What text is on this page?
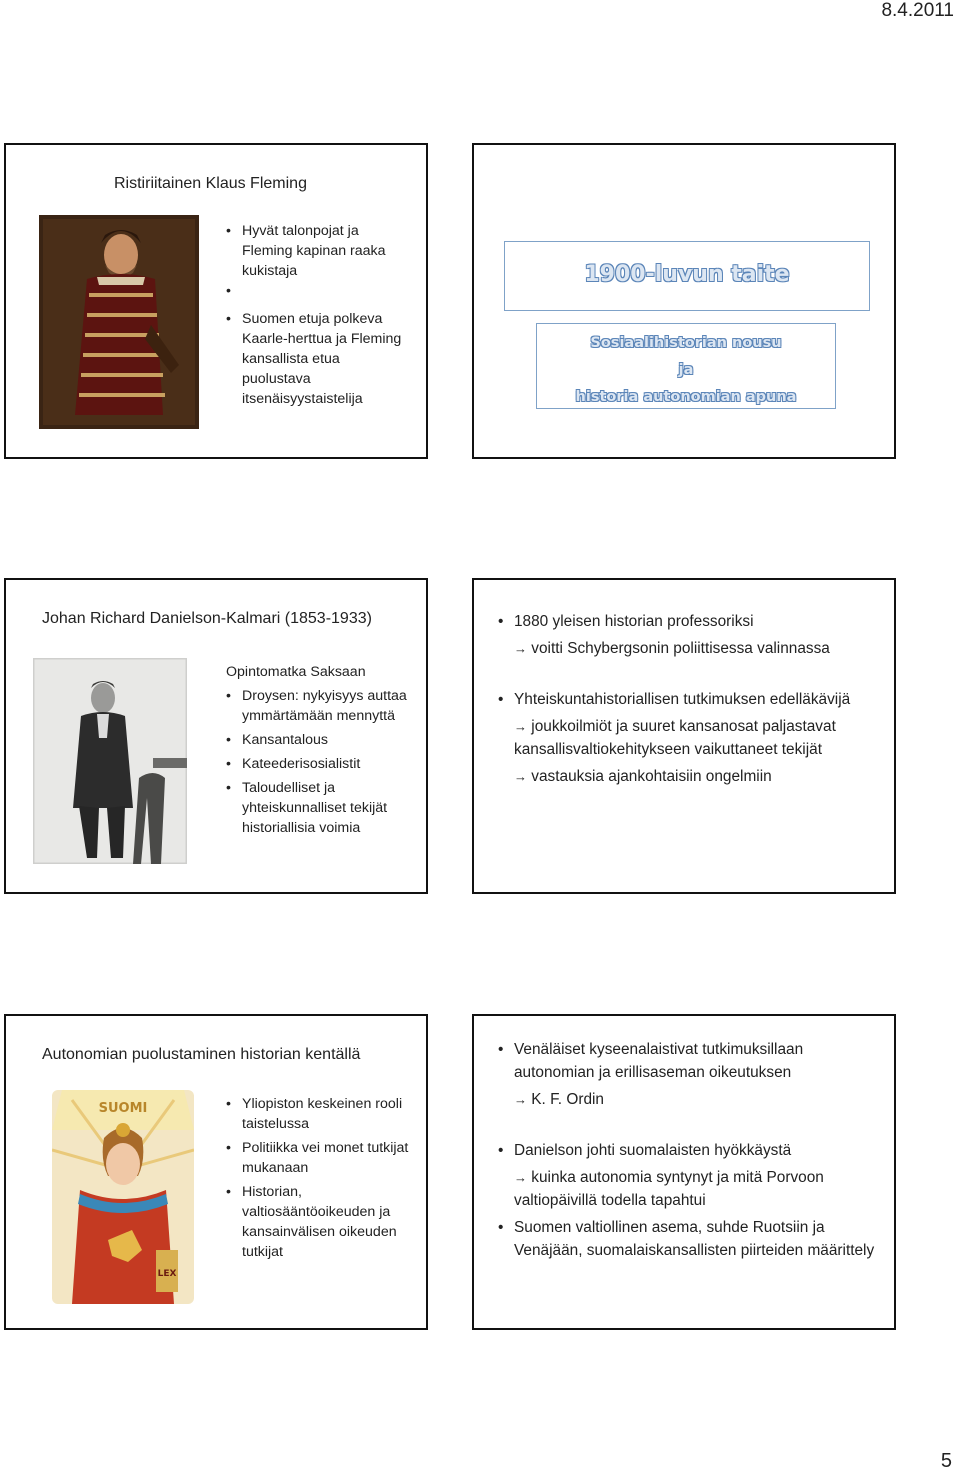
8.4.2011
Ristiriitainen Klaus Fleming
• Hyvät talonpojat ja Fleming kapinan raaka kukistaja
•
• Suomen etuja polkeva Kaarle-herttua ja Fleming kansallista etua puolustava itsenäisyystaistelija
1900-luvun taite
Sosiaalihistorian nousu
ja
historia autonomian apuna
Johan Richard Danielson-Kalmari (1853-1933)
Opintomatka Saksaan
• Droysen: nykyisyys auttaa ymmärtämään mennyttä
• Kansantalous
• Kateederisosialistit
• Taloudelliset ja yhteiskunnalliset tekijät historiallisia voimia
• 1880 yleisen historian professoriksi
→ voitti Schybergsonin poliittisessa valinnassa
• Yhteiskuntahistoriallisen tutkimuksen edelläkävijä
→ joukkoilmiöt ja suuret kansanosat paljastavat kansallisvaltiokehitykseen vaikuttaneet tekijät
→ vastauksia ajankohtaisiin ongelmiin
Autonomian puolustaminen historian kentällä
SUOMI
LEX
• Yliopiston keskeinen rooli taistelussa
• Politiikka vei monet tutkijat mukanaan
• Historian, valtiosääntöoikeuden ja kansainvälisen oikeuden tutkijat
• Venäläiset kyseenalaistivat tutkimuksillaan autonomian ja erillisaseman oikeutuksen
→ K. F. Ordin
• Danielson johti suomalaisten hyökkäystä
→ kuinka autonomia syntynyt ja mitä Porvoon valtiopäivillä todella tapahtui
• Suomen valtiollinen asema, suhde Ruotsiin ja Venäjään, suomalaiskansallisten piirteiden määrittely
5
